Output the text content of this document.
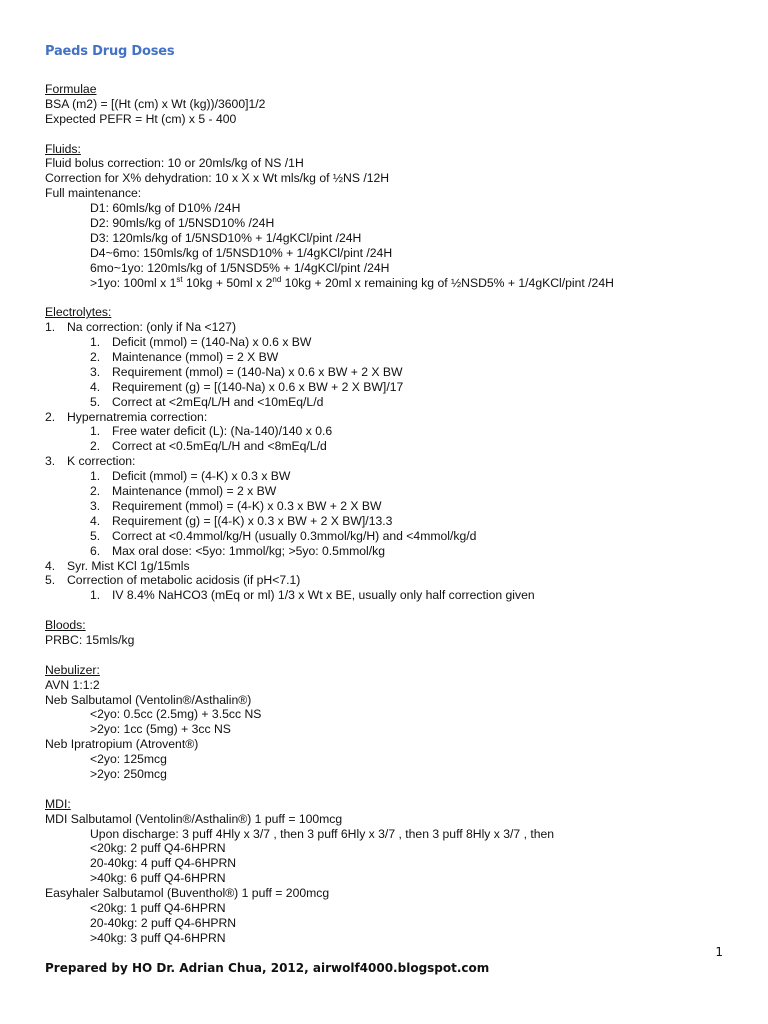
Paeds Drug Doses
Formulae
BSA (m2) = [(Ht (cm) x Wt (kg))/3600]1/2
Expected PEFR = Ht (cm) x 5 - 400
Fluids:
Fluid bolus correction: 10 or 20mls/kg of NS /1H
Correction for X% dehydration: 10 x X x Wt mls/kg of ½NS /12H
Full maintenance:
D1: 60mls/kg of D10% /24H
D2: 90mls/kg of 1/5NSD10% /24H
D3: 120mls/kg of 1/5NSD10% + 1/4gKCl/pint /24H
D4~6mo: 150mls/kg of 1/5NSD10% + 1/4gKCl/pint /24H
6mo~1yo: 120mls/kg of 1/5NSD5% + 1/4gKCl/pint /24H
>1yo: 100ml x 1st 10kg + 50ml x 2nd 10kg + 20ml x remaining kg of ½NSD5% + 1/4gKCl/pint /24H
Electrolytes:
1. Na correction: (only if Na <127)
1. Deficit (mmol) = (140-Na) x 0.6 x BW
2. Maintenance (mmol) = 2 X BW
3. Requirement (mmol) = (140-Na) x 0.6 x BW + 2 X BW
4. Requirement (g) = [(140-Na) x 0.6 x BW + 2 X BW]/17
5. Correct at <2mEq/L/H and <10mEq/L/d
2. Hypernatremia correction:
1. Free water deficit (L): (Na-140)/140 x 0.6
2. Correct at <0.5mEq/L/H and <8mEq/L/d
3. K correction:
1. Deficit (mmol) = (4-K) x 0.3 x BW
2. Maintenance (mmol) = 2 x BW
3. Requirement (mmol) = (4-K) x 0.3 x BW + 2 X BW
4. Requirement (g) = [(4-K) x 0.3 x BW + 2 X BW]/13.3
5. Correct at <0.4mmol/kg/H (usually 0.3mmol/kg/H) and <4mmol/kg/d
6. Max oral dose: <5yo: 1mmol/kg; >5yo: 0.5mmol/kg
4. Syr. Mist KCl 1g/15mls
5. Correction of metabolic acidosis (if pH<7.1)
1. IV 8.4% NaHCO3 (mEq or ml) 1/3 x Wt x BE, usually only half correction given
Bloods:
PRBC: 15mls/kg
Nebulizer:
AVN 1:1:2
Neb Salbutamol (Ventolin®/Asthalin®)
<2yo: 0.5cc (2.5mg) + 3.5cc NS
>2yo: 1cc (5mg) + 3cc NS
Neb Ipratropium (Atrovent®)
<2yo: 125mcg
>2yo: 250mcg
MDI:
MDI Salbutamol (Ventolin®/Asthalin®) 1 puff = 100mcg
Upon discharge: 3 puff 4Hly x 3/7 , then 3 puff 6Hly x 3/7 , then 3 puff 8Hly x 3/7 , then
<20kg: 2 puff Q4-6HPRN
20-40kg: 4 puff Q4-6HPRN
>40kg: 6 puff Q4-6HPRN
Easyhaler Salbutamol (Buventhol®) 1 puff = 200mcg
<20kg: 1 puff Q4-6HPRN
20-40kg: 2 puff Q4-6HPRN
>40kg: 3 puff Q4-6HPRN
1
Prepared by HO Dr. Adrian Chua, 2012, airwolf4000.blogspot.com
